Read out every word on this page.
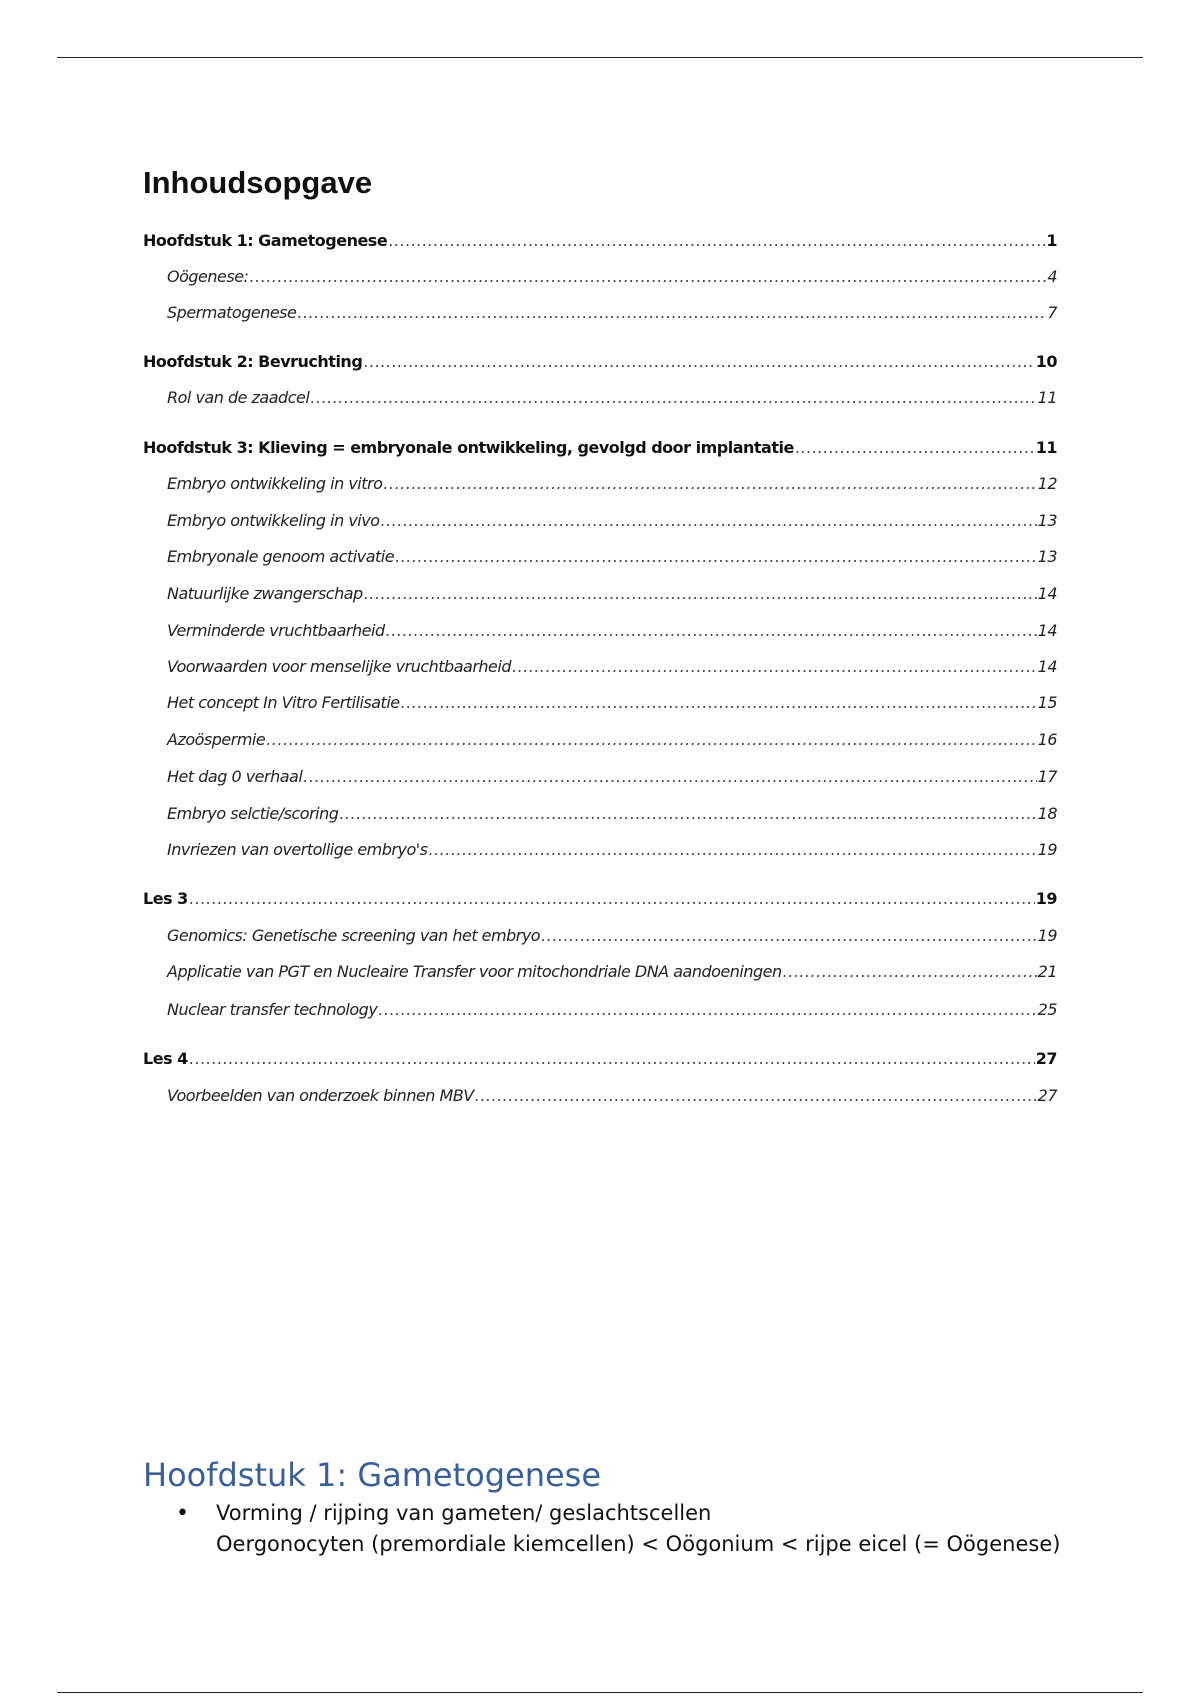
Inhoudsopgave
Hoofdstuk 1: Gametogenese .....	1
Oögenese: .....	4
Spermatogenese .....	7
Hoofdstuk 2: Bevruchting .....	10
Rol van de zaadcel .....	11
Hoofdstuk 3: Klieving = embryonale ontwikkeling, gevolgd door implantatie .....	11
Embryo ontwikkeling in vitro .....	12
Embryo ontwikkeling in vivo .....	13
Embryonale genoom activatie .....	13
Natuurlijke zwangerschap .....	14
Verminderde vruchtbaarheid .....	14
Voorwaarden voor menselijke vruchtbaarheid .....	14
Het concept In Vitro Fertilisatie .....	15
Azoöspermie .....	16
Het dag 0 verhaal .....	17
Embryo selctie/scoring .....	18
Invriezen van overtollige embryo's .....	19
Les 3 .....	19
Genomics: Genetische screening van het embryo .....	19
Applicatie van PGT en Nucleaire Transfer voor mitochondriale DNA aandoeningen .....	21
Nuclear transfer technology .....	25
Les 4 .....	27
Voorbeelden van onderzoek binnen MBV .....	27
Hoofdstuk 1: Gametogenese
• Vorming / rijping van gameten/ geslachtscellen
Oergonocyten (premordiale kiemcellen) < Oögonium < rijpe eicel (= Oögenese)
